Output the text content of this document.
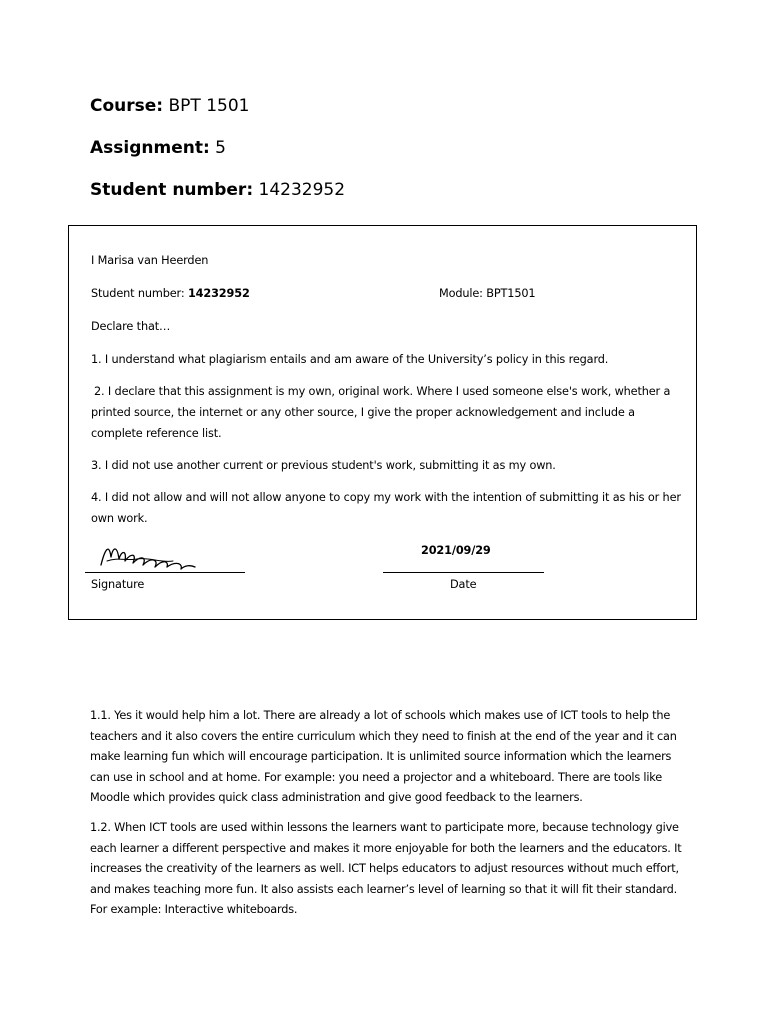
Course: BPT 1501
Assignment: 5
Student number: 14232952
I Marisa van Heerden
Student number: 14232952	Module: BPT1501
Declare that…
1. I understand what plagiarism entails and am aware of the University’s policy in this regard.
2. I declare that this assignment is my own, original work. Where I used someone else's work, whether a printed source, the internet or any other source, I give the proper acknowledgement and include a complete reference list.
3. I did not use another current or previous student's work, submitting it as my own.
4. I did not allow and will not allow anyone to copy my work with the intention of submitting it as his or her own work.
2021/09/29
Signature	Date
1.1. Yes it would help him a lot. There are already a lot of schools which makes use of ICT tools to help the teachers and it also covers the entire curriculum which they need to finish at the end of the year and it can make learning fun which will encourage participation. It is unlimited source information which the learners can use in school and at home. For example: you need a projector and a whiteboard. There are tools like Moodle which provides quick class administration and give good feedback to the learners.
1.2. When ICT tools are used within lessons the learners want to participate more, because technology give each learner a different perspective and makes it more enjoyable for both the learners and the educators. It increases the creativity of the learners as well. ICT helps educators to adjust resources without much effort, and makes teaching more fun. It also assists each learner’s level of learning so that it will fit their standard. For example: Interactive whiteboards.
